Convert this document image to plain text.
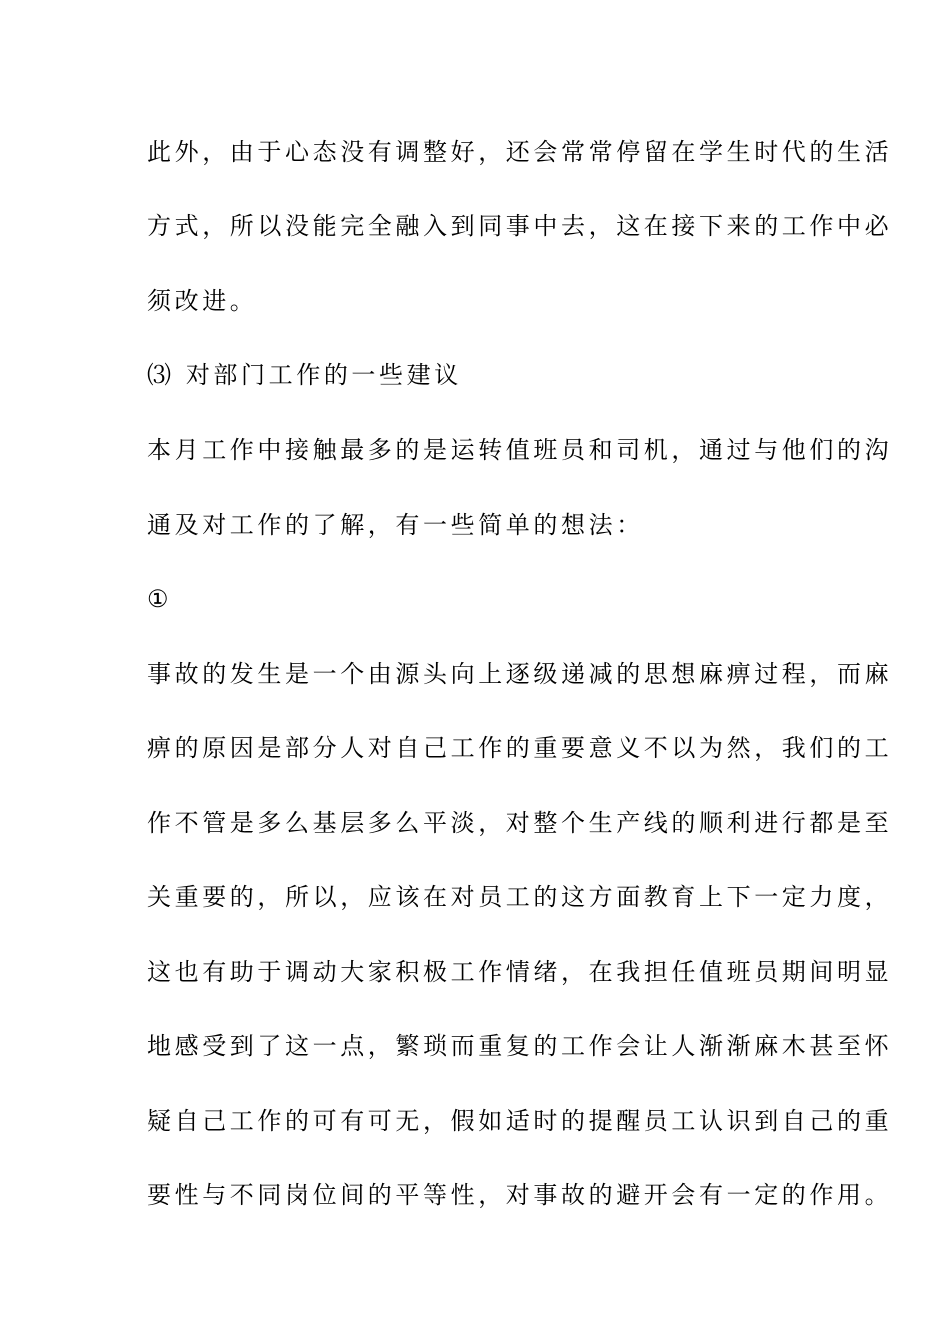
此外，由于心态没有调整好，还会常常停留在学生时代的生活
方式，所以没能完全融入到同事中去，这在接下来的工作中必
须改进。
⑶ 对部门工作的一些建议
本月工作中接触最多的是运转值班员和司机，通过与他们的沟
通及对工作的了解，有一些简单的想法：
①
事故的发生是一个由源头向上逐级递减的思想麻痹过程，而麻
痹的原因是部分人对自己工作的重要意义不以为然，我们的工
作不管是多么基层多么平淡，对整个生产线的顺利进行都是至
关重要的，所以，应该在对员工的这方面教育上下一定力度，
这也有助于调动大家积极工作情绪，在我担任值班员期间明显
地感受到了这一点，繁琐而重复的工作会让人渐渐麻木甚至怀
疑自己工作的可有可无，假如适时的提醒员工认识到自己的重
要性与不同岗位间的平等性，对事故的避开会有一定的作用。
